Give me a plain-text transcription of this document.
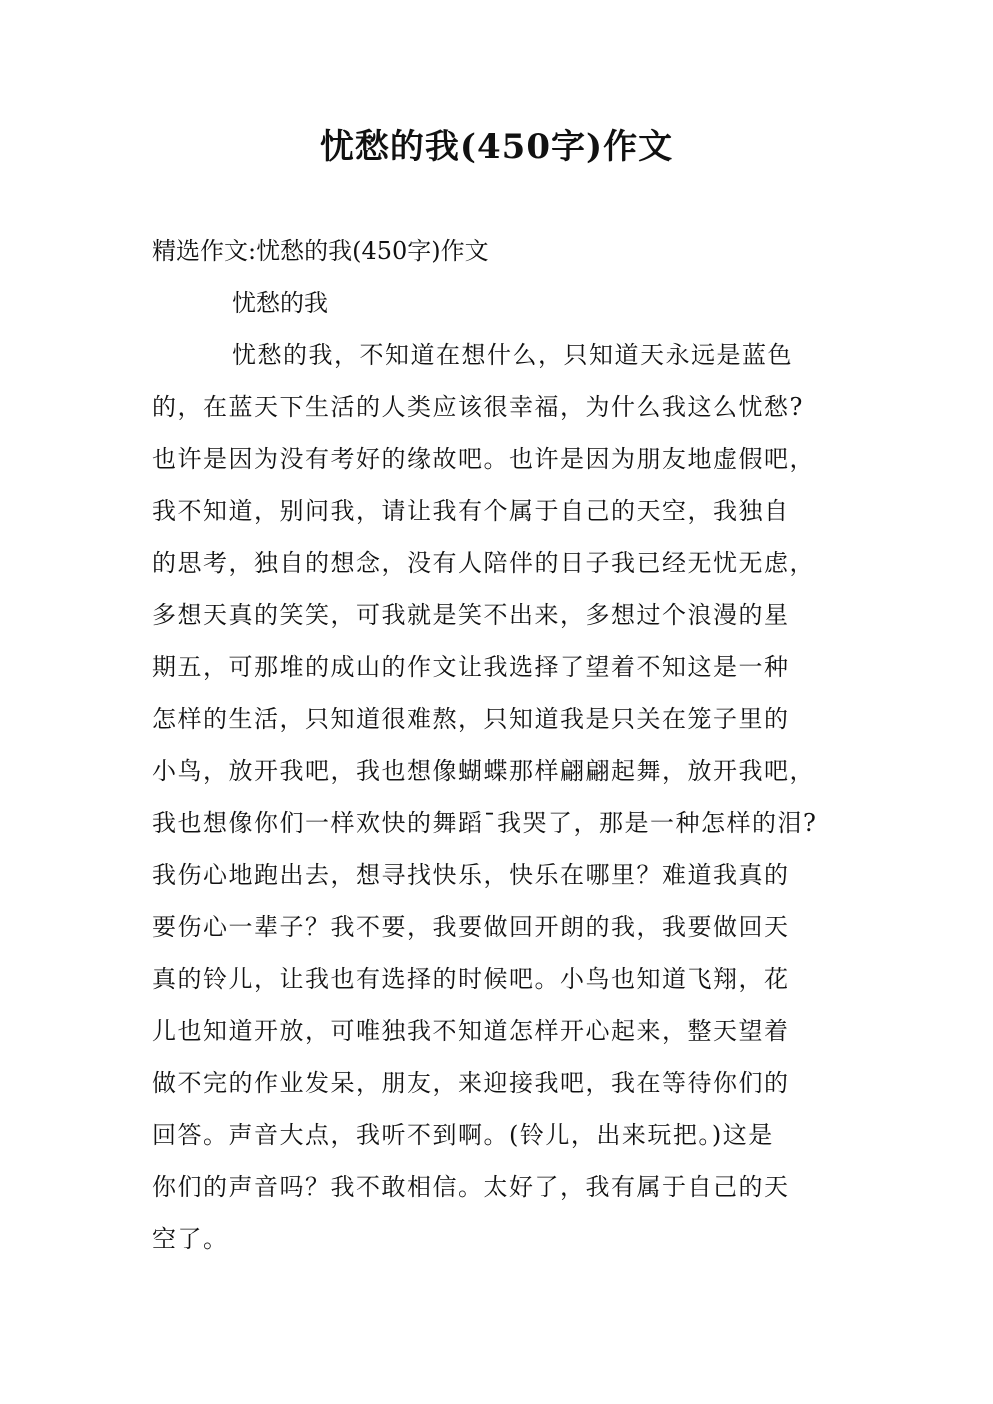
忧愁的我(450字)作文
精选作文:忧愁的我(450字)作文
忧愁的我
忧愁的我，不知道在想什么，只知道天永远是蓝色
的，在蓝天下生活的人类应该很幸福，为什么我这么忧愁?
也许是因为没有考好的缘故吧。也许是因为朋友地虚假吧，
我不知道，别问我，请让我有个属于自己的天空，我独自
的思考，独自的想念，没有人陪伴的日子我已经无忧无虑，
多想天真的笑笑，可我就是笑不出来，多想过个浪漫的星
期五，可那堆的成山的作文让我选择了望着不知这是一种
怎样的生活，只知道很难熬，只知道我是只关在笼子里的
小鸟，放开我吧，我也想像蝴蝶那样翩翩起舞，放开我吧，
我也想像你们一样欢快的舞蹈ˉ我哭了，那是一种怎样的泪?
我伤心地跑出去，想寻找快乐，快乐在哪里？难道我真的
要伤心一辈子？我不要，我要做回开朗的我，我要做回天
真的铃儿，让我也有选择的时候吧。小鸟也知道飞翔，花
儿也知道开放，可唯独我不知道怎样开心起来，整天望着
做不完的作业发呆，朋友，来迎接我吧，我在等待你们的
回答。声音大点，我听不到啊。(铃儿，出来玩把。)这是
你们的声音吗？我不敢相信。太好了，我有属于自己的天
空了。
